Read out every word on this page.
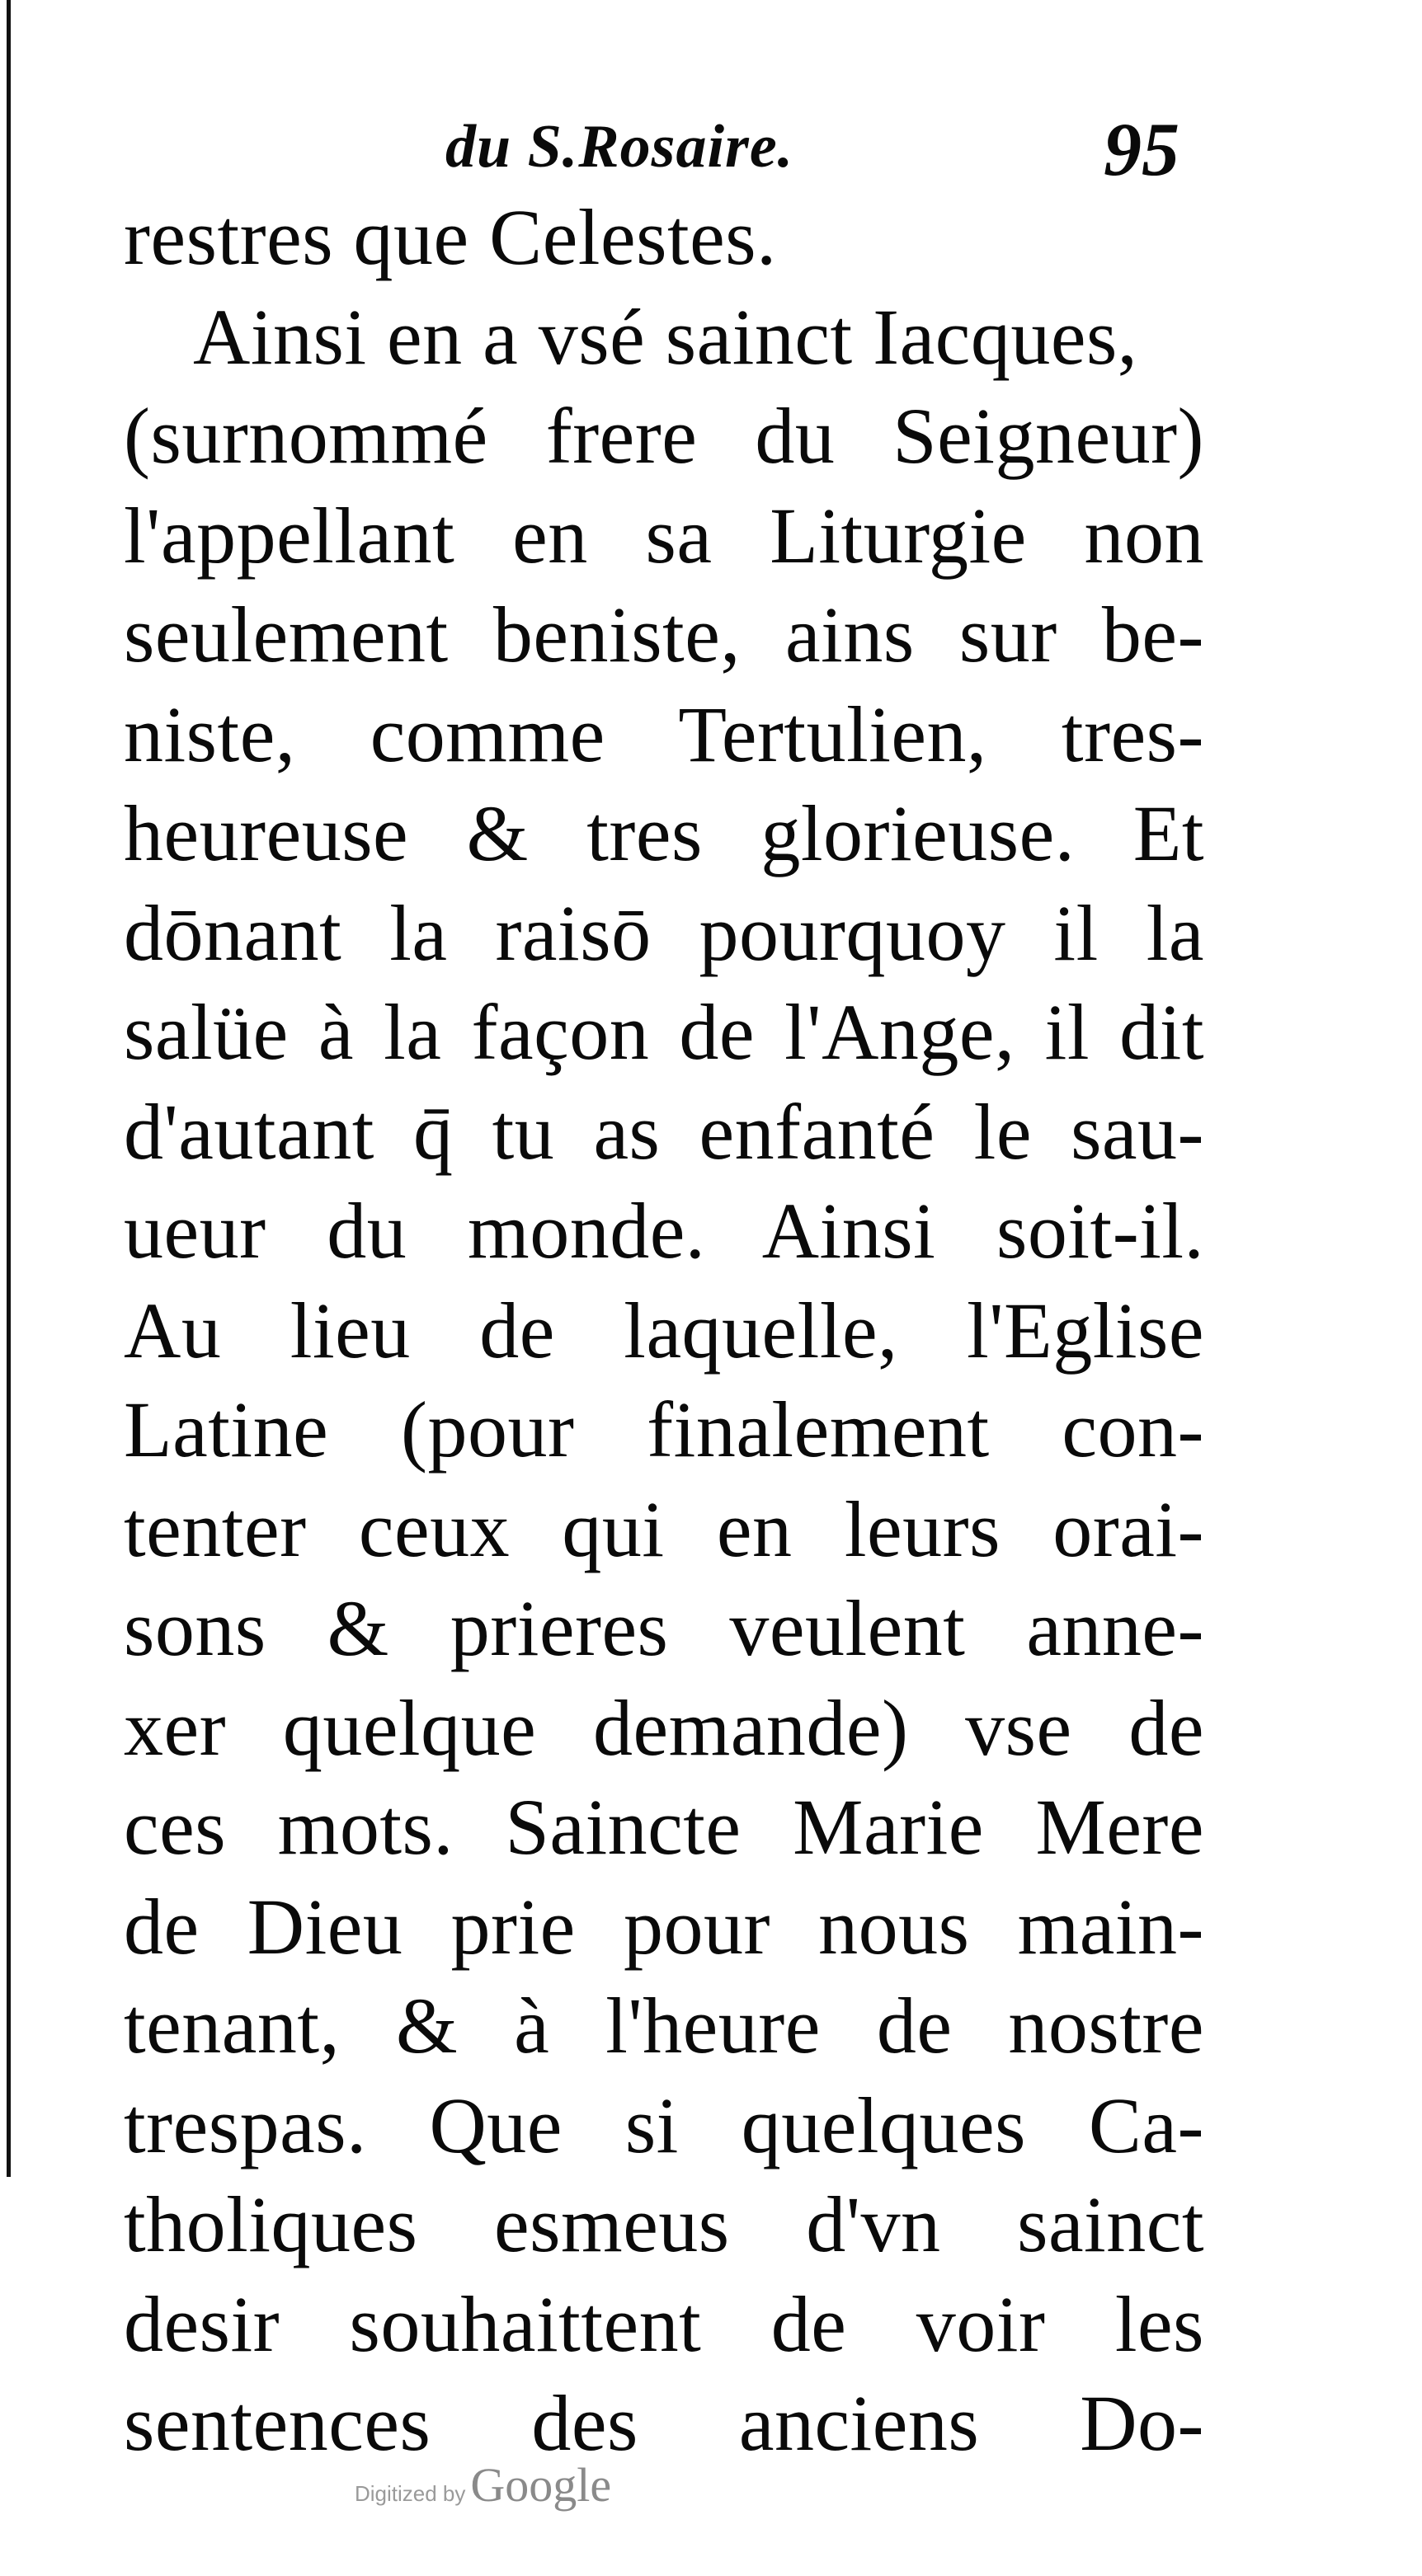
du S.Rosaire.	95
restres que Celestes.
Ainsi en a vsé sainct Iacques,
(surnommé frere du Seigneur)
l'appellant en sa Liturgie non
seulement beniste, ains sur be-
niste, comme Tertulien, tres-
heureuse & tres glorieuse. Et
dōnant la raisō pourquoy il la
salüe à la façon de l'Ange, il dit
d'autant q̄ tu as enfanté le sau-
ueur du monde. Ainsi soit-il.
Au lieu de laquelle, l'Eglise
Latine (pour finalement con-
tenter ceux qui en leurs orai-
sons & prieres veulent anne-
xer quelque demande) vse de
ces mots. Saincte Marie Mere
de Dieu prie pour nous main-
tenant, & à l'heure de nostre
trespas. Que si quelques Ca-
tholiques esmeus d'vn sainct
desir souhaittent de voir les
sentences des anciens Do-
Digitized by Google
